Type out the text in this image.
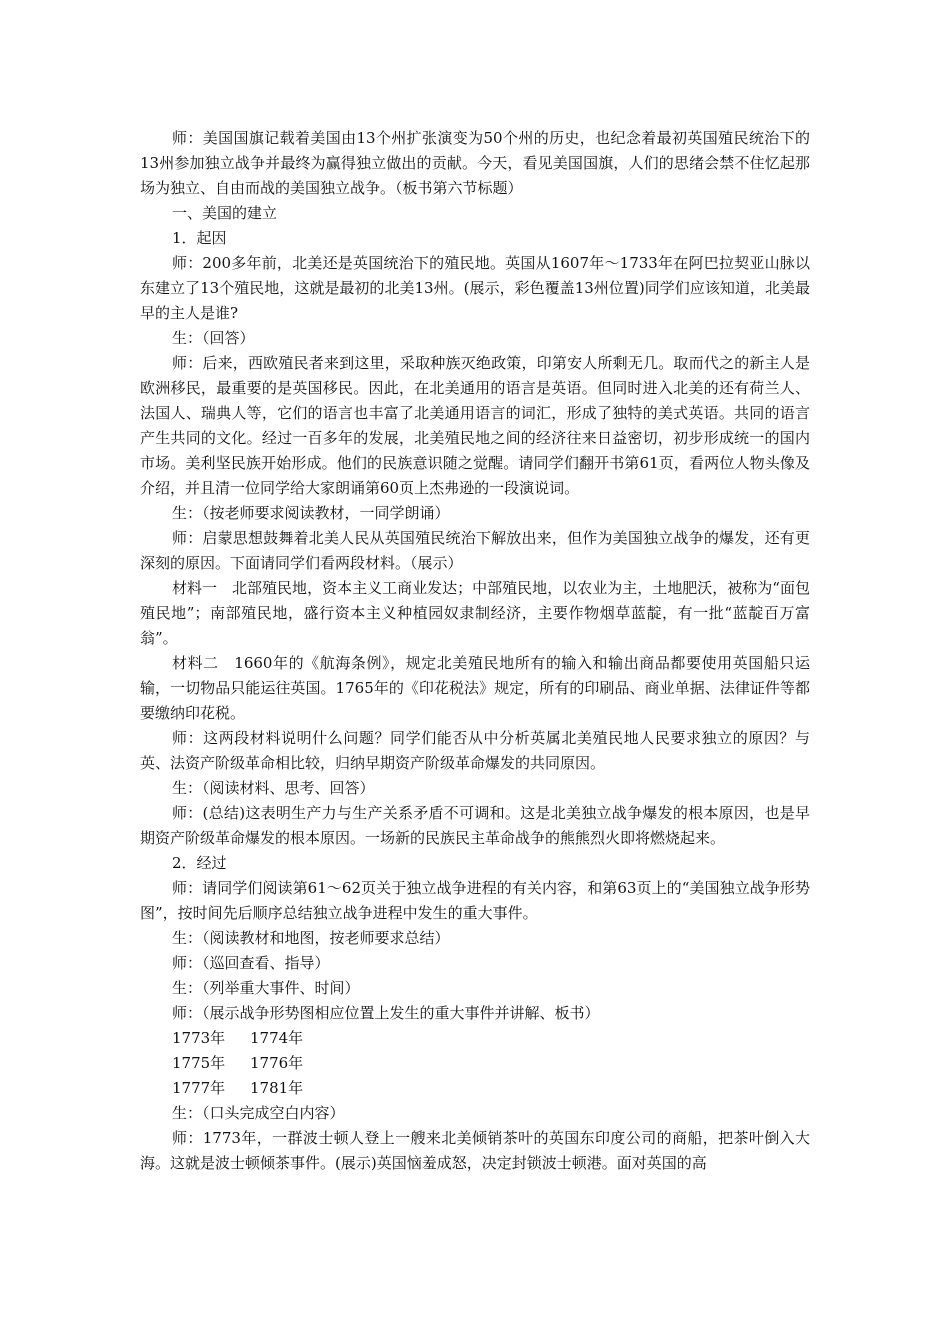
师：美国国旗记载着美国由13个州扩张演变为50个州的历史，也纪念着最初英国殖民统治下的13州参加独立战争并最终为赢得独立做出的贡献。今天，看见美国国旗，人们的思绪会禁不住忆起那场为独立、自由而战的美国独立战争。（板书第六节标题）

一、美国的建立

1．起因

师：200多年前，北美还是英国统治下的殖民地。英国从1607年～1733年在阿巴拉契亚山脉以东建立了13个殖民地，这就是最初的北美13州。(展示，彩色覆盖13州位置)同学们应该知道，北美最早的主人是谁?

生：（回答）

师：后来，西欧殖民者来到这里，采取种族灭绝政策，印第安人所剩无几。取而代之的新主人是欧洲移民，最重要的是英国移民。因此，在北美通用的语言是英语。但同时进入北美的还有荷兰人、法国人、瑞典人等，它们的语言也丰富了北美通用语言的词汇，形成了独特的美式英语。共同的语言产生共同的文化。经过一百多年的发展，北美殖民地之间的经济往来日益密切，初步形成统一的国内市场。美利坚民族开始形成。他们的民族意识随之觉醒。请同学们翻开书第61页，看两位人物头像及介绍，并且清一位同学给大家朗诵第60页上杰弗逊的一段演说词。

生：（按老师要求阅读教材，一同学朗诵）

师：启蒙思想鼓舞着北美人民从英国殖民统治下解放出来，但作为美国独立战争的爆发，还有更深刻的原因。下面请同学们看两段材料。（展示）

材料一　北部殖民地，资本主义工商业发达；中部殖民地，以农业为主，土地肥沃，被称为“面包殖民地”；南部殖民地，盛行资本主义种植园奴隶制经济，主要作物烟草蓝靛，有一批“蓝靛百万富翁”。

材料二　1660年的《航海条例》，规定北美殖民地所有的输入和输出商品都要使用英国船只运输，一切物品只能运往英国。1765年的《印花税法》规定，所有的印刷品、商业单据、法律证件等都要缴纳印花税。

师：这两段材料说明什么问题？同学们能否从中分析英属北美殖民地人民要求独立的原因？与英、法资产阶级革命相比较，归纳早期资产阶级革命爆发的共同原因。

生：（阅读材料、思考、回答）

师：(总结)这表明生产力与生产关系矛盾不可调和。这是北美独立战争爆发的根本原因，也是早期资产阶级革命爆发的根本原因。一场新的民族民主革命战争的熊熊烈火即将燃烧起来。

2．经过

师：请同学们阅读第61～62页关于独立战争进程的有关内容，和第63页上的“美国独立战争形势图”，按时间先后顺序总结独立战争进程中发生的重大事件。

生：（阅读教材和地图，按老师要求总结）

师：（巡回查看、指导）

生：（列举重大事件、时间）

师：（展示战争形势图相应位置上发生的重大事件并讲解、板书）

1773年 1774年
1775年 1776年
1777年 1781年

生：（口头完成空白内容）

师：1773年，一群波士顿人登上一艘来北美倾销茶叶的英国东印度公司的商船，把茶叶倒入大海。这就是波士顿倾茶事件。(展示)英国恼羞成怒，决定封锁波士顿港。面对英国的高
